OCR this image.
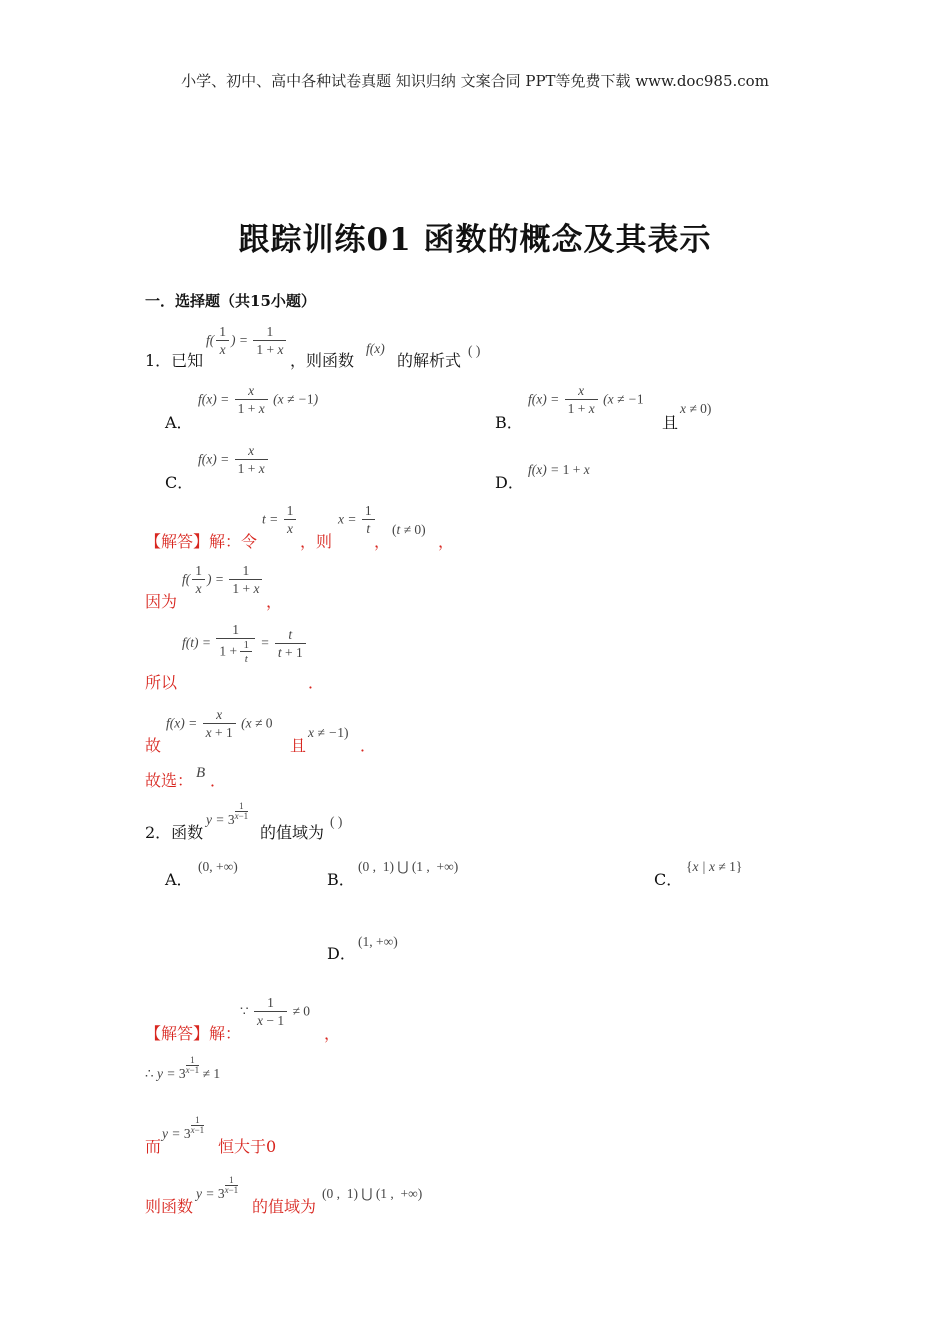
小学、初中、高中各种试卷真题 知识归纳 文案合同 PPT等免费下载 www.doc985.com
跟踪训练01 函数的概念及其表示
一．选择题（共15小题）
1．已知
$f( \frac{1}{x}$ ) = $\frac{1}{1 + x}$
，则函数
f(x)
的解析式
( )
A．
$f(x) = \frac{x}{1 + x} (x \ne -1)$
B．
$f(x) = \frac{x}{1 + x} (x \ne -1$
且
x ≠ 0)
C．
$f(x) = \frac{x}{1 + x}$
D．
f(x) = 1 + x
【解答】解：令
$t = \frac{1}{x}$
，则
$x = \frac{1}{t}$
，
(t ≠ 0)
，
因为
$f( \frac{1}{x}$ ) = $\frac{1}{1 + x}$
，
所以
$f(t) = \frac{1}{1 + \frac{1}{t}} = \frac{t}{t + 1}$
．
故
$f(x) = \frac{x}{x + 1} (x \ne 0$
且
x ≠ −1)
．
故选： B ．
2．函数
$y = 3\frac{1}{x-1}$
的值域为
( )
A．
(0, +∞)
B．
(0 ,  1) ⋃ (1 ,  +∞)
C．
{x | x ≠ 1}
D．
(1, +∞)
【解答】解：
∵ $\frac{1}{x - 1} \ne 0$
，
∴ $y = 3\frac{1}{x-1} \ne 1$
而
$y = 3\frac{1}{x-1}$
恒大于0
则函数
$y = 3\frac{1}{x-1}$
的值域为
(0 ,  1) ⋃ (1 ,  +∞)
